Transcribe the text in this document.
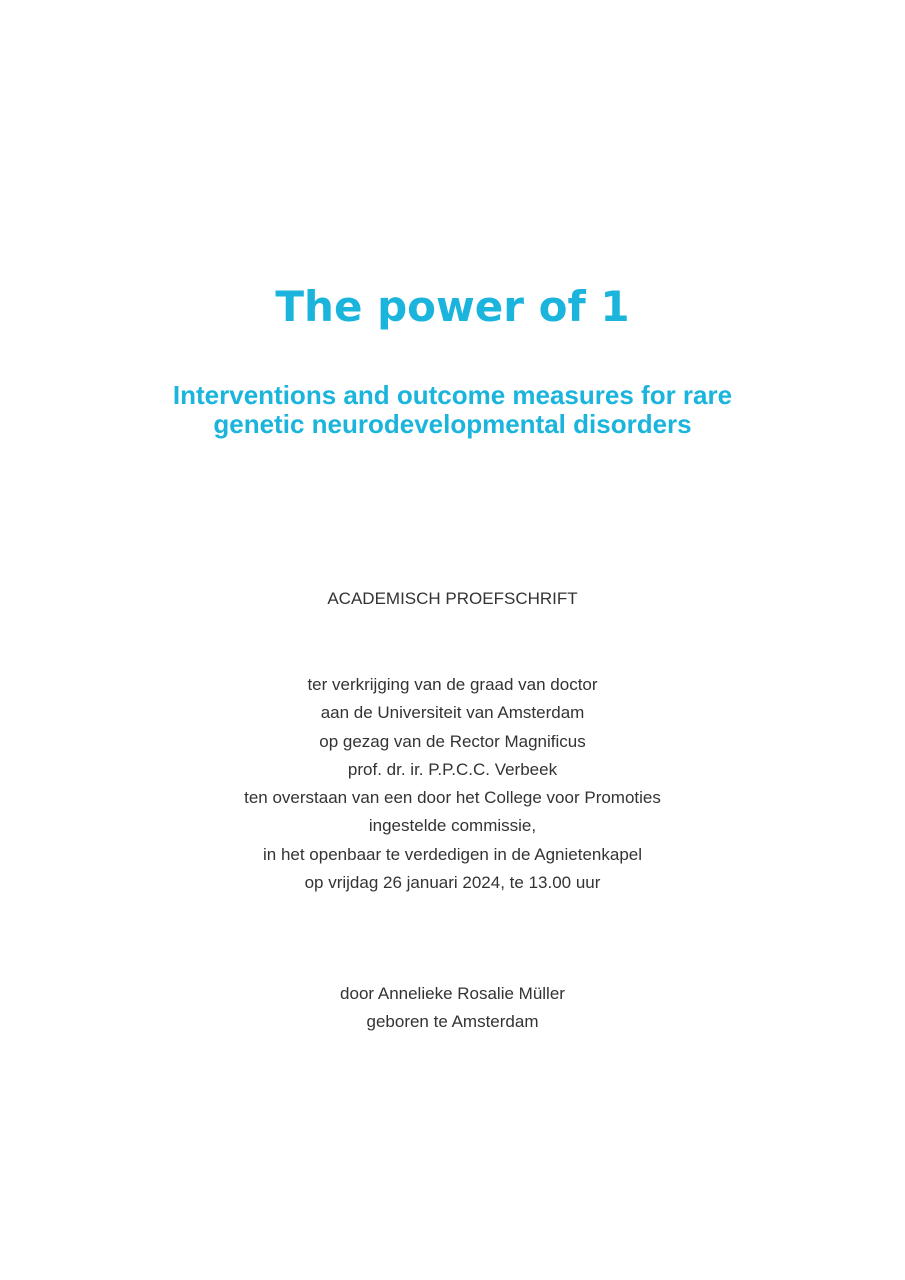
The power of 1
Interventions and outcome measures for rare
genetic neurodevelopmental disorders

ACADEMISCH PROEFSCHRIFT

ter verkrijging van de graad van doctor
aan de Universiteit van Amsterdam
op gezag van de Rector Magnificus
prof. dr. ir. P.P.C.C. Verbeek
ten overstaan van een door het College voor Promoties
ingestelde commissie,
in het openbaar te verdedigen in de Agnietenkapel
op vrijdag 26 januari 2024, te 13.00 uur

door Annelieke Rosalie Müller
geboren te Amsterdam
